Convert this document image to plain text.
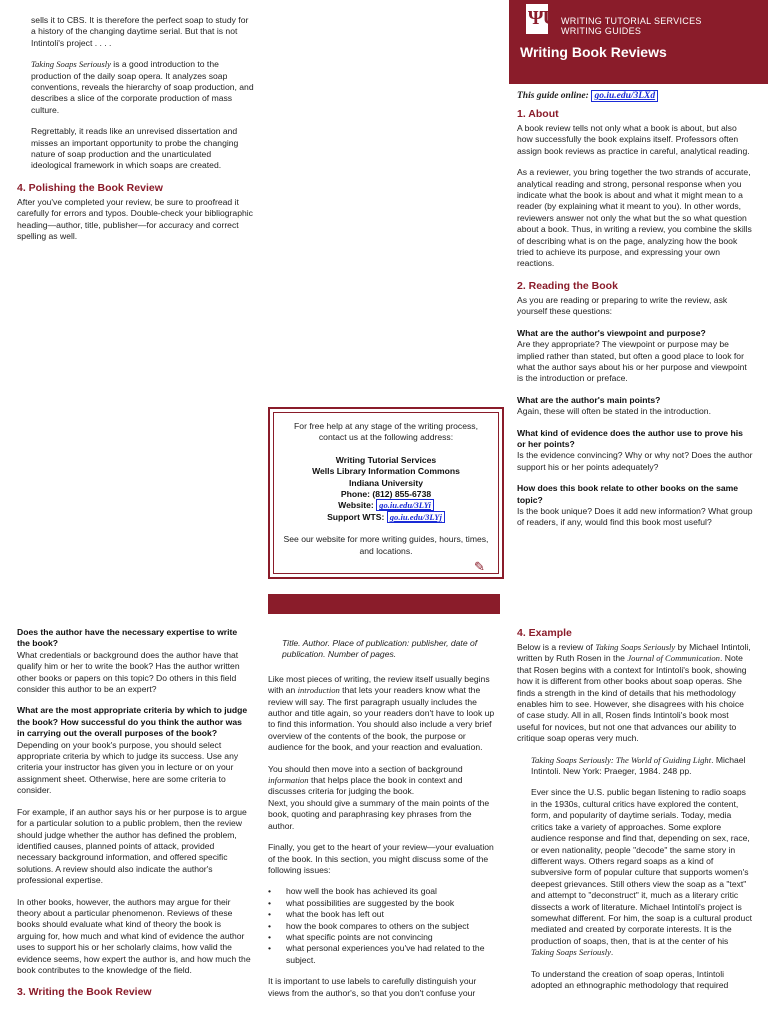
ΨU WRITING TUTORIAL SERVICES
WRITING GUIDES
Writing Book Reviews
This guide online: go.iu.edu/3LXd

sells it to CBS. It is therefore the perfect soap to study for a history of the changing daytime serial. But that is not Intintoli's project . . . .

Taking Soaps Seriously is a good introduction to the production of the daily soap opera. It analyzes soap conventions, reveals the hierarchy of soap production, and describes a slice of the corporate production of mass culture.

Regrettably, it reads like an unrevised dissertation and misses an important opportunity to probe the changing nature of soap production and the unarticulated ideological framework in which soaps are created.

4. Polishing the Book Review

After you've completed your review, be sure to proofread it carefully for errors and typos. Double-check your bibliographic heading—author, title, publisher—for accuracy and correct spelling as well.

1. About

A book review tells not only what a book is about, but also how successfully the book explains itself. Professors often assign book reviews as practice in careful, analytical reading.

As a reviewer, you bring together the two strands of accurate, analytical reading and strong, personal response when you indicate what the book is about and what it might mean to a reader (by explaining what it meant to you). In other words, reviewers answer not only the what but the so what question about a book. Thus, in writing a review, you combine the skills of describing what is on the page, analyzing how the book tried to achieve its purpose, and expressing your own reactions.

2. Reading the Book

As you are reading or preparing to write the review, ask yourself these questions:

What are the author's viewpoint and purpose?

Are they appropriate? The viewpoint or purpose may be implied rather than stated, but often a good place to look for what the author says about his or her purpose and viewpoint is the introduction or preface.

What are the author's main points?

Again, these will often be stated in the introduction.

What kind of evidence does the author use to prove his or her points?

Is the evidence convincing? Why or why not? Does the author support his or her points adequately?

How does this book relate to other books on the same topic?

Is the book unique? Does it add new information? What group of readers, if any, would find this book most useful?

For free help at any stage of the writing process, contact us at the following address:
Writing Tutorial Services
Wells Library Information Commons
Indiana University
Phone: (812) 855-6738
Website: go.iu.edu/3LYi
Support WTS: go.iu.edu/3LYj
See our website for more writing guides, hours, times, and locations.
✎
Does the author have the necessary expertise to write the book?

What credentials or background does the author have that qualify him or her to write the book? Has the author written other books or papers on this topic? Do others in this field consider this author to be an expert?

What are the most appropriate criteria by which to judge the book? How successful do you think the author was in carrying out the overall purposes of the book?

Depending on your book's purpose, you should select appropriate criteria by which to judge its success. Use any criteria your instructor has given you in lecture or on your assignment sheet. Otherwise, here are some criteria to consider.

For example, if an author says his or her purpose is to argue for a particular solution to a public problem, then the review should judge whether the author has defined the problem, identified causes, planned points of attack, provided necessary background information, and offered specific solutions. A review should also indicate the author's professional expertise.

In other books, however, the authors may argue for their theory about a particular phenomenon. Reviews of these books should evaluate what kind of theory the book is arguing for, how much and what kind of evidence the author uses to support his or her scholarly claims, how valid the evidence seems, how expert the author is, and how much the book contributes to the knowledge of the field.

3. Writing the Book Review

Title. Author. Place of publication: publisher, date of publication. Number of pages.

Like most pieces of writing, the review itself usually begins with an introduction that lets your readers know what the review will say. The first paragraph usually includes the author and title again, so your readers don't have to look up to find this information. You should also include a very brief overview of the contents of the book, the purpose or audience for the book, and your reaction and evaluation.

You should then move into a section of background information that helps place the book in context and discusses criteria for judging the book.

Next, you should give a summary of the main points of the book, quoting and paraphrasing key phrases from the author.

Finally, you get to the heart of your review—your evaluation of the book. In this section, you might discuss some of the following issues:

• how well the book has achieved its goal
• what possibilities are suggested by the book
• what the book has left out
• how the book compares to others on the subject
• what specific points are not convincing
• what personal experiences you've had related to the subject.

It is important to use labels to carefully distinguish your views from the author's, so that you don't confuse your

4. Example

Below is a review of Taking Soaps Seriously by Michael Intintoli, written by Ruth Rosen in the Journal of Communication. Note that Rosen begins with a context for Intintoli's book, showing how it is different from other books about soap operas. She finds a strength in the kind of details that his methodology enables him to see. However, she disagrees with his choice of case study. All in all, Rosen finds Intintoli's book most useful for novices, but not one that advances our ability to critique soap operas very much.

Taking Soaps Seriously: The World of Guiding Light. Michael Intintoli. New York: Praeger, 1984. 248 pp.

Ever since the U.S. public began listening to radio soaps in the 1930s, cultural critics have explored the content, form, and popularity of daytime serials. Today, media critics take a variety of approaches. Some explore audience response and find that, depending on sex, race, or even nationality, people "decode" the same story in different ways. Others regard soaps as a kind of subversive form of popular culture that supports women's deepest grievances. Still others view the soap as a "text" and attempt to "deconstruct" it, much as a literary critic dissects a work of literature. Michael Intintoli's project is somewhat different. For him, the soap is a cultural product mediated and created by corporate interests. It is the production of soaps, then, that is at the center of his Taking Soaps Seriously.

To understand the creation of soap operas, Intintoli adopted an ethnographic methodology that required
